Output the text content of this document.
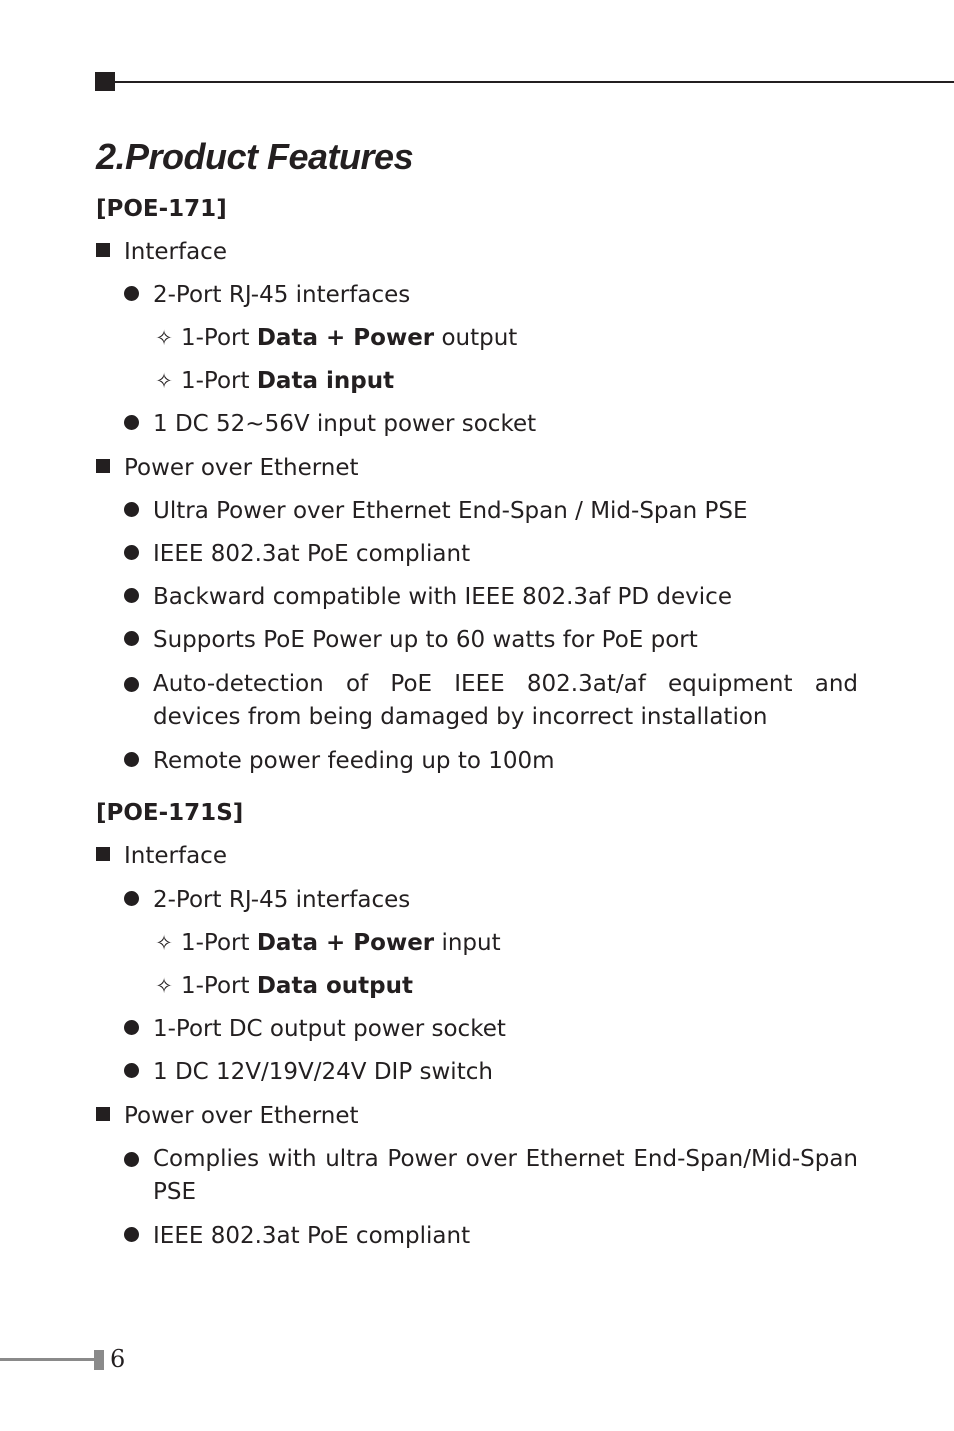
2.Product Features
[POE-171]
Interface
2-Port RJ-45 interfaces
✧ 1-Port Data + Power output
✧ 1-Port Data input
1 DC 52~56V input power socket
Power over Ethernet
Ultra Power over Ethernet End-Span / Mid-Span PSE
IEEE 802.3at PoE compliant
Backward compatible with IEEE 802.3af PD device
Supports PoE Power up to 60 watts for PoE port
Auto-detection of PoE IEEE 802.3at/af equipment and devices from being damaged by incorrect installation
Remote power feeding up to 100m
[POE-171S]
Interface
2-Port RJ-45 interfaces
✧ 1-Port Data + Power input
✧ 1-Port Data output
1-Port DC output power socket
1 DC 12V/19V/24V DIP switch
Power over Ethernet
Complies with ultra Power over Ethernet End-Span/Mid-Span PSE
IEEE 802.3at PoE compliant
6
